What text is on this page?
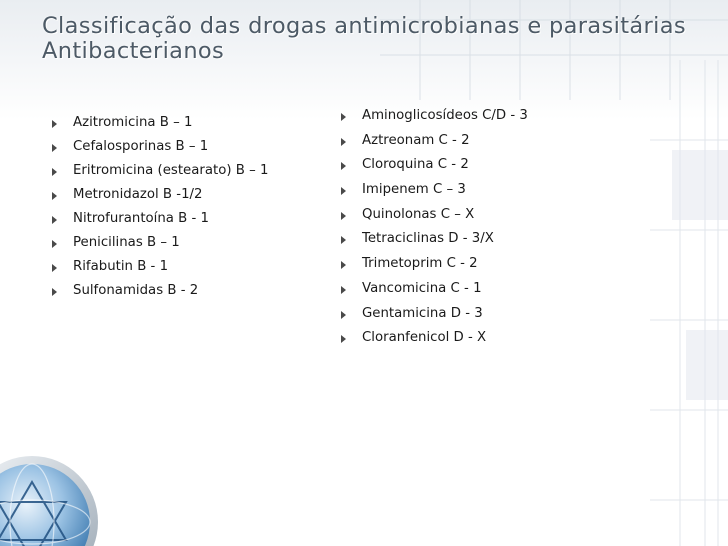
Classificação das drogas antimicrobianas e parasitárias
Antibacterianos
Azitromicina B – 1
Cefalosporinas B – 1
Eritromicina (estearato) B – 1
Metronidazol B -1/2
Nitrofurantoína B - 1
Penicilinas B – 1
Rifabutin B - 1
Sulfonamidas B - 2
Aminoglicosídeos C/D - 3
Aztreonam C - 2
Cloroquina C - 2
Imipenem C – 3
Quinolonas C – X
Tetraciclinas D - 3/X
Trimetoprim C - 2
Vancomicina C - 1
Gentamicina D - 3
Cloranfenicol D - X
